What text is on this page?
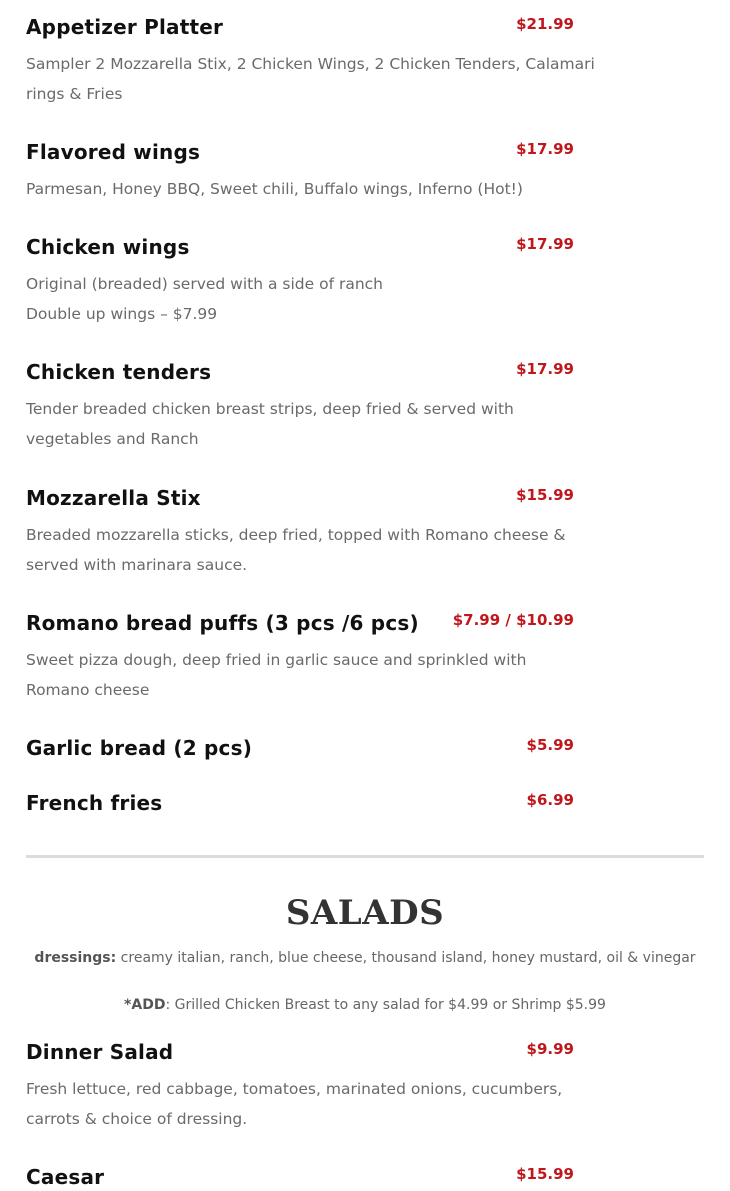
Appetizer Platter	$21.99
Sampler 2 Mozzarella Stix, 2 Chicken Wings, 2 Chicken Tenders, Calamari
rings & Fries
Flavored wings	$17.99
Parmesan, Honey BBQ, Sweet chili, Buffalo wings, Inferno (Hot!)
Chicken wings	$17.99
Original (breaded) served with a side of ranch
Double up wings – $7.99
Chicken tenders	$17.99
Tender breaded chicken breast strips, deep fried & served with
vegetables and Ranch
Mozzarella Stix	$15.99
Breaded mozzarella sticks, deep fried, topped with Romano cheese &
served with marinara sauce.
Romano bread puffs (3 pcs /6 pcs) $7.99 / $10.99
Sweet pizza dough, deep fried in garlic sauce and sprinkled with
Romano cheese
Garlic bread (2 pcs)	$5.99
French fries	$6.99
SALADS
dressings: creamy italian, ranch, blue cheese, thousand island, honey mustard, oil & vinegar
*ADD: Grilled Chicken Breast to any salad for $4.99 or Shrimp $5.99
Dinner Salad	$9.99
Fresh lettuce, red cabbage, tomatoes, marinated onions, cucumbers,
carrots & choice of dressing.
Caesar	$15.99
